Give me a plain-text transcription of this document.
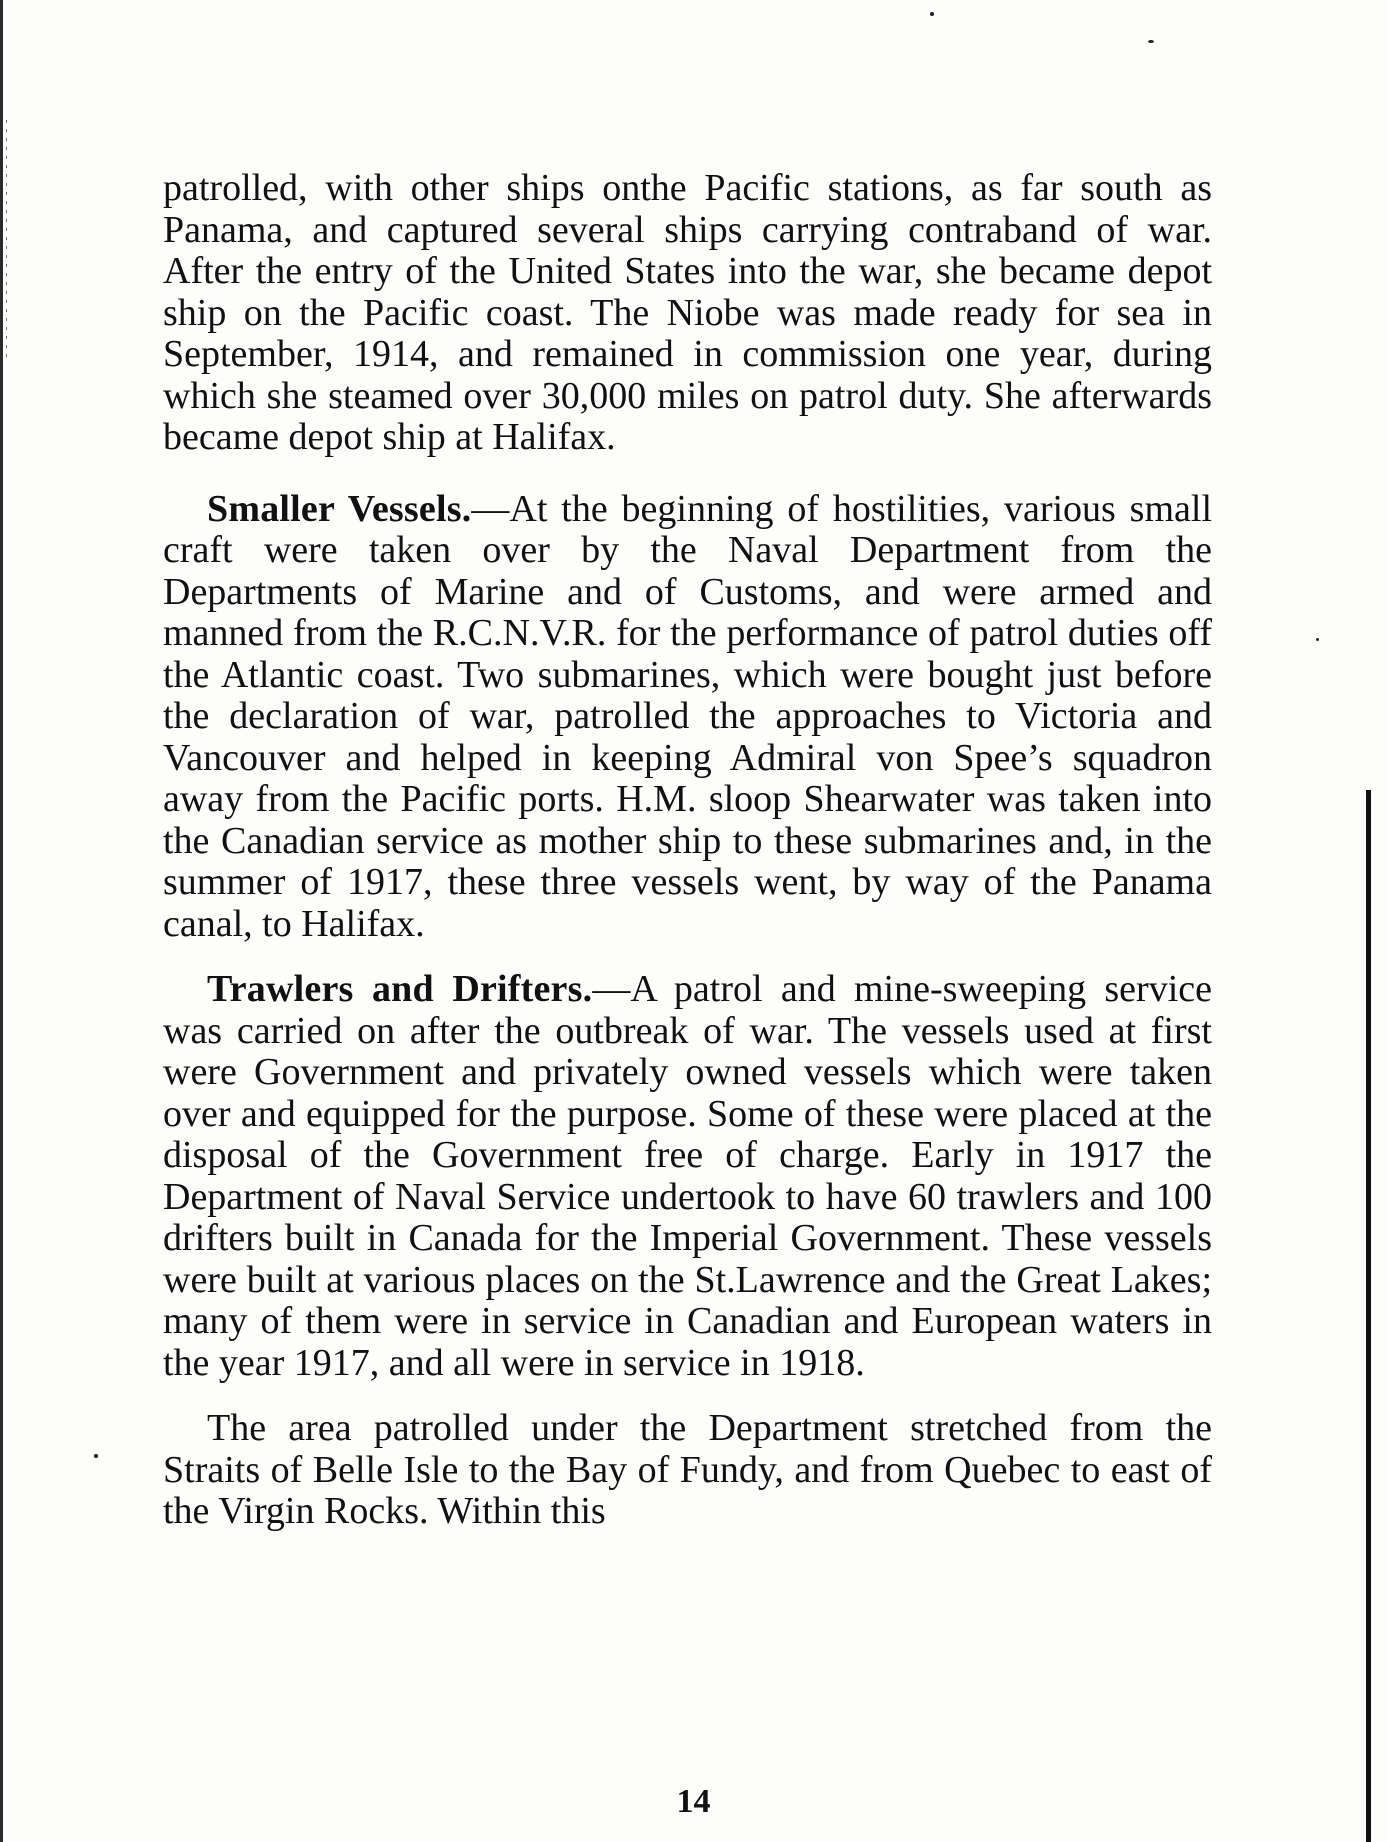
patrolled, with other ships onthe Pacific stations, as far south as Panama, and captured several ships carrying contraband of war. After the entry of the United States into the war, she became depot ship on the Pacific coast. The Niobe was made ready for sea in September, 1914, and remained in commission one year, during which she steamed over 30,000 miles on patrol duty. She afterwards became depot ship at Halifax.

Smaller Vessels.—At the beginning of hostilities, various small craft were taken over by the Naval Department from the Departments of Marine and of Customs, and were armed and manned from the R.C.N.V.R. for the performance of patrol duties off the Atlantic coast. Two submarines, which were bought just before the declaration of war, patrolled the approaches to Victoria and Vancouver and helped in keeping Admiral von Spee’s squadron away from the Pacific ports. H.M. sloop Shearwater was taken into the Canadian service as mother ship to these submarines and, in the summer of 1917, these three vessels went, by way of the Panama canal, to Halifax.

Trawlers and Drifters.—A patrol and mine-sweeping service was carried on after the outbreak of war. The vessels used at first were Government and privately owned vessels which were taken over and equipped for the purpose. Some of these were placed at the disposal of the Government free of charge. Early in 1917 the Department of Naval Service undertook to have 60 trawlers and 100 drifters built in Canada for the Imperial Government. These vessels were built at various places on the St.Lawrence and the Great Lakes; many of them were in service in Canadian and European waters in the year 1917, and all were in service in 1918.

The area patrolled under the Department stretched from the Straits of Belle Isle to the Bay of Fundy, and from Quebec to east of the Virgin Rocks. Within this

14
